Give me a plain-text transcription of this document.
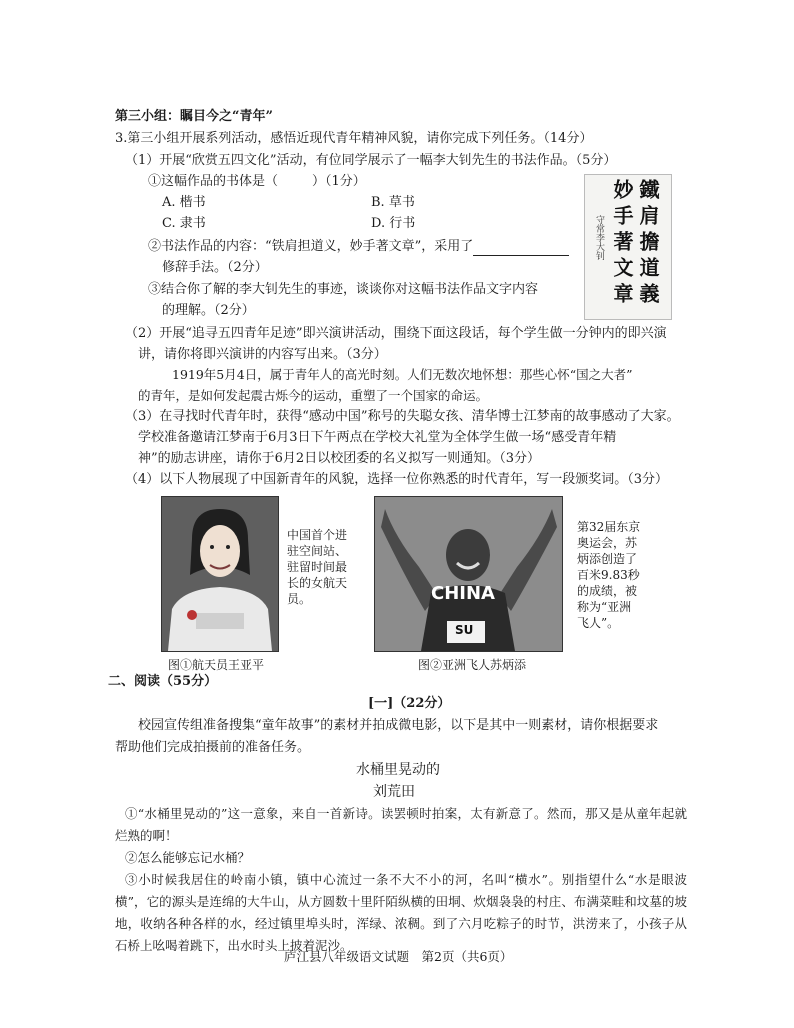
第三小组：瞩目今之“青年”
3.第三小组开展系列活动，感悟近现代青年精神风貌，请你完成下列任务。（14分）
（1）开展“欣赏五四文化”活动，有位同学展示了一幅李大钊先生的书法作品。（5分）
①这幅作品的书体是（	）（1分）
A. 楷书	B. 草书
C. 隶书	D. 行书
②书法作品的内容：“铁肩担道义，妙手著文章”，采用了
修辞手法。（2分）
③结合你了解的李大钊先生的事迹，谈谈你对这幅书法作品文字内容
的理解。（2分）
鐵肩擔道義
妙手著文章
守常李大钊
（2）开展“追寻五四青年足迹”即兴演讲活动，围绕下面这段话，每个学生做一分钟内的即兴演
讲，请你将即兴演讲的内容写出来。（3分）
1919年5月4日，属于青年人的高光时刻。人们无数次地怀想：那些心怀“国之大者”
的青年，是如何发起震古烁今的运动，重塑了一个国家的命运。
（3）在寻找时代青年时，获得“感动中国”称号的失聪女孩、清华博士江梦南的故事感动了大家。
学校准备邀请江梦南于6月3日下午两点在学校大礼堂为全体学生做一场“感受青年精
神”的励志讲座，请你于6月2日以校团委的名义拟写一则通知。（3分）
（4）以下人物展现了中国新青年的风貌，选择一位你熟悉的时代青年，写一段颁奖词。（3分）
中国首个进驻空间站、驻留时间最长的女航天员。
图①航天员王亚平
CHINA
SU
第32届东京奥运会，苏炳添创造了百米9.83秒的成绩，被称为“亚洲飞人”。
图②亚洲飞人苏炳添
二、阅读（55分）
[一]（22分）
校园宣传组准备搜集“童年故事”的素材并拍成微电影，以下是其中一则素材，请你根据要求
帮助他们完成拍摄前的准备任务。
水桶里晃动的
刘荒田
①“水桶里晃动的”这一意象，来自一首新诗。读罢顿时拍案，太有新意了。然而，那又是从童年起就烂熟的啊！
②怎么能够忘记水桶？
③小时候我居住的岭南小镇，镇中心流过一条不大不小的河，名叫“横水”。别指望什么“水是眼波横”，它的源头是连绵的大牛山，从方圆数十里阡陌纵横的田垌、炊烟袅袅的村庄、布满菜畦和坟墓的坡地，收纳各种各样的水，经过镇里埠头时，浑绿、浓稠。到了六月吃粽子的时节，洪涝来了，小孩子从石桥上吆喝着跳下，出水时头上披着泥沙。
庐江县八年级语文试题　第2页（共6页）
